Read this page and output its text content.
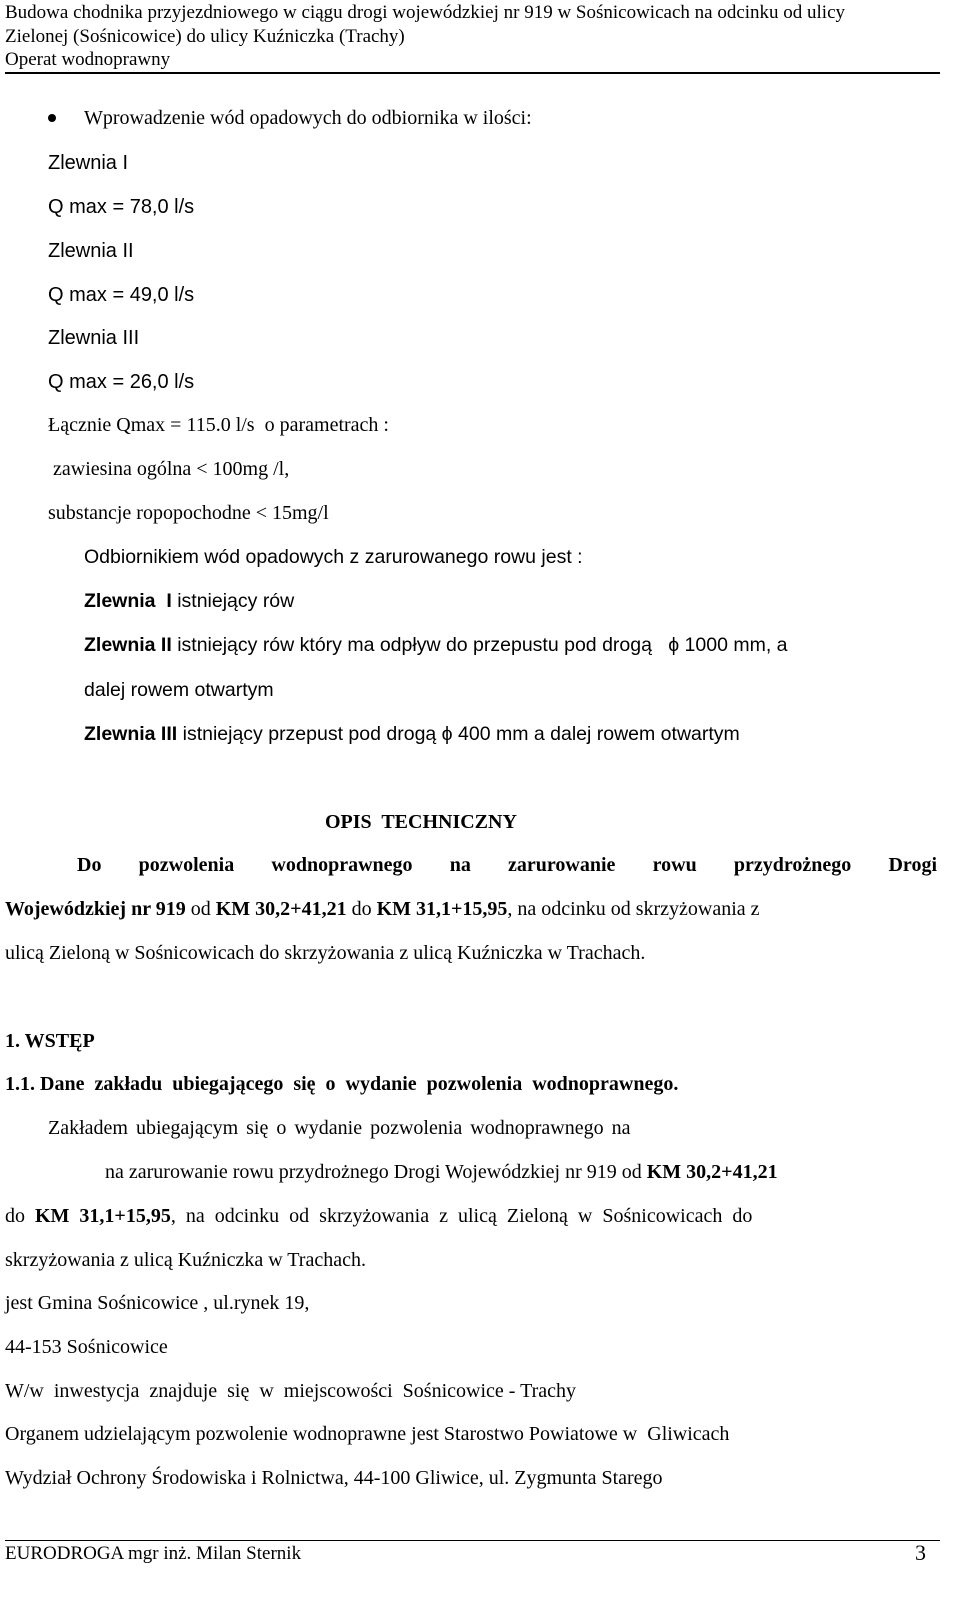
Budowa chodnika przyjezdniowego w ciągu drogi wojewódzkiej nr 919 w Sośnicowicach na odcinku od ulicy
Zielonej (Sośnicowice) do ulicy Kuźniczka (Trachy)
Operat wodnoprawny
Wprowadzenie wód opadowych do odbiornika w ilości:
Zlewnia I
Q max = 78,0 l/s
Zlewnia II
Q max = 49,0 l/s
Zlewnia III
Q max = 26,0 l/s
Łącznie Qmax = 115.0 l/s  o parametrach :
zawiesina ogólna < 100mg /l,
substancje ropopochodne < 15mg/l
Odbiornikiem wód opadowych z zarurowanego rowu jest :
Zlewnia  I istniejący rów
Zlewnia II istniejący rów który ma odpływ do przepustu pod drogą   ϕ 1000 mm, a
dalej rowem otwartym
Zlewnia III istniejący przepust pod drogą ϕ 400 mm a dalej rowem otwartym
OPIS  TECHNICZNY
Do  pozwolenia  wodnoprawnego  na  zarurowanie  rowu  przydrożnego  Drogi
Wojewódzkiej nr 919 od KM 30,2+41,21 do KM 31,1+15,95, na odcinku od skrzyżowania z
ulicą Zieloną w Sośnicowicach do skrzyżowania z ulicą Kuźniczka w Trachach.
1. WSTĘP
1.1. Dane  zakładu  ubiegającego  się  o  wydanie  pozwolenia  wodnoprawnego.
Zakładem ubiegającym się o wydanie pozwolenia wodnoprawnego na
na zarurowanie rowu przydrożnego Drogi Wojewódzkiej nr 919 od KM 30,2+41,21
do KM 31,1+15,95, na odcinku od skrzyżowania z ulicą Zieloną w Sośnicowicach do
skrzyżowania z ulicą Kuźniczka w Trachach.
jest Gmina Sośnicowice , ul.rynek 19,
44-153 Sośnicowice
W/w  inwestycja  znajduje  się  w  miejscowości  Sośnicowice - Trachy
Organem udzielającym pozwolenie wodnoprawne jest Starostwo Powiatowe w  Gliwicach
Wydział Ochrony Środowiska i Rolnictwa, 44-100 Gliwice, ul. Zygmunta Starego
EURODROGA mgr inż. Milan Sternik	3
